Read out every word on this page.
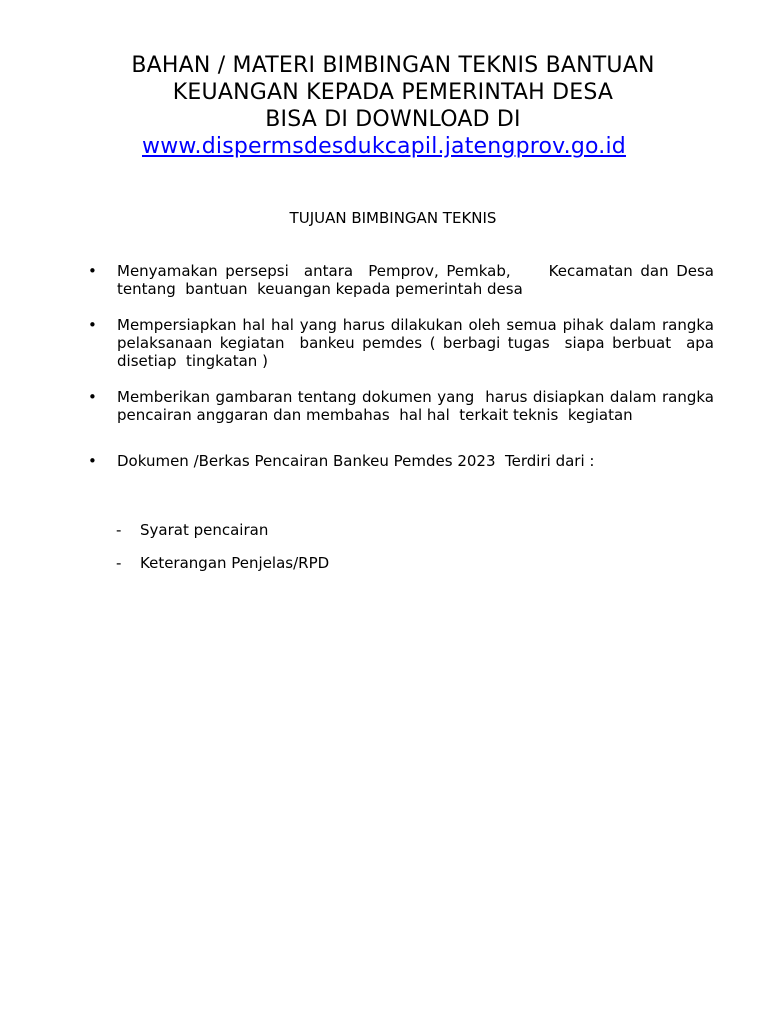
BAHAN / MATERI BIMBINGAN TEKNIS BANTUAN
KEUANGAN KEPADA PEMERINTAH DESA
BISA DI DOWNLOAD DI
www.dispermsdesdukcapil.jatengprov.go.id
TUJUAN BIMBINGAN TEKNIS
• Menyamakan persepsi  antara  Pemprov, Pemkab,     Kecamatan dan Desa  tentang  bantuan  keuangan kepada pemerintah desa
• Mempersiapkan hal hal yang harus dilakukan oleh semua pihak dalam rangka pelaksanaan kegiatan  bankeu pemdes ( berbagi tugas  siapa berbuat  apa  disetiap  tingkatan )
• Memberikan gambaran tentang dokumen yang  harus disiapkan dalam rangka pencairan anggaran dan membahas  hal hal  terkait teknis  kegiatan
• Dokumen /Berkas Pencairan Bankeu Pemdes 2023  Terdiri dari :
- Syarat pencairan
- Keterangan Penjelas/RPD
